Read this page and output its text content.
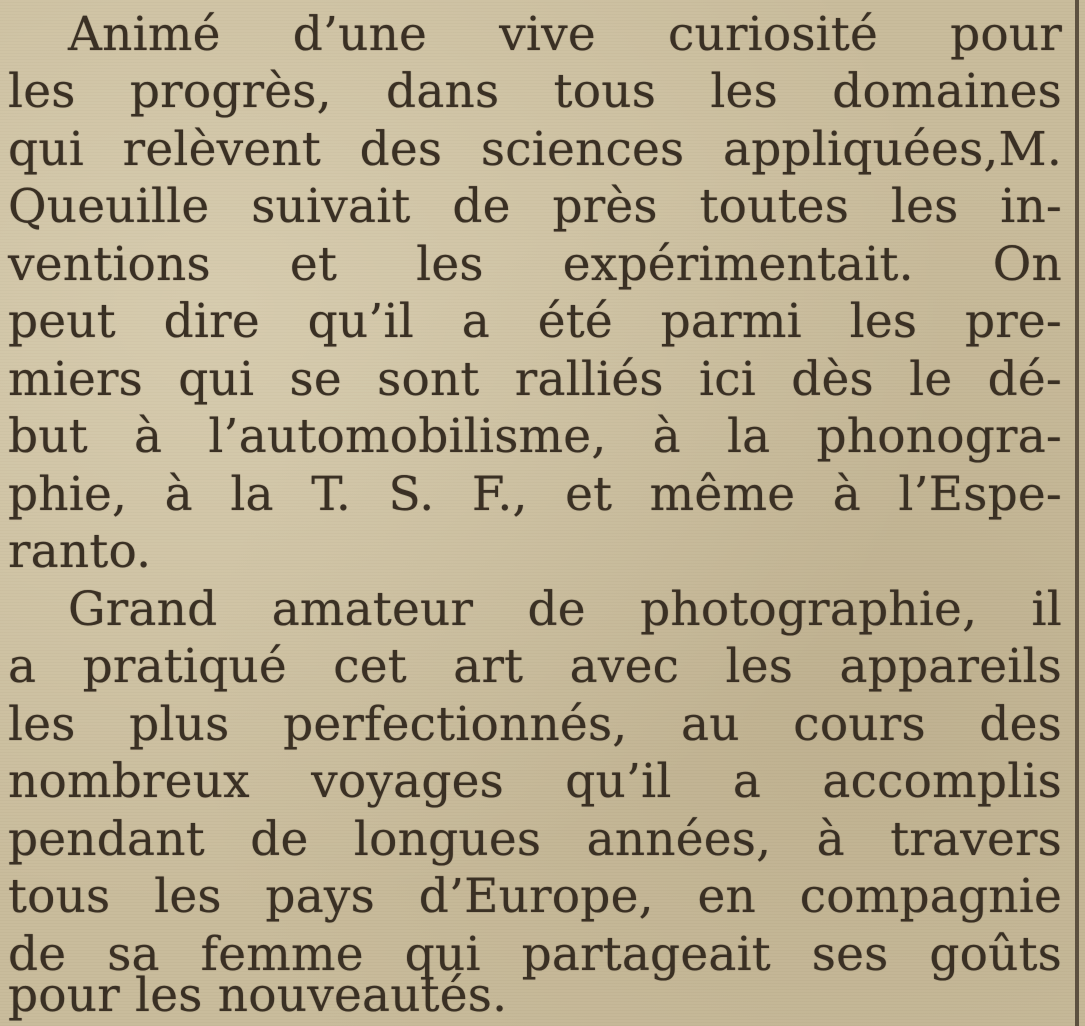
Animé d’une vive curiosité pour
les progrès, dans tous les domaines
qui relèvent des sciences appliquées,M.
Queuille suivait de près toutes les in-
ventions et les expérimentait. On
peut dire qu’il a été parmi les pre-
miers qui se sont ralliés ici dès le dé-
but à l’automobilisme, à la phonogra-
phie, à la T. S. F., et même à l’Espe-
ranto.
Grand amateur de photographie, il
a pratiqué cet art avec les appareils
les plus perfectionnés, au cours des
nombreux voyages qu’il a accomplis
pendant de longues années, à travers
tous les pays d’Europe, en compagnie
de sa femme qui partageait ses goûts
pour les nouveautés.
